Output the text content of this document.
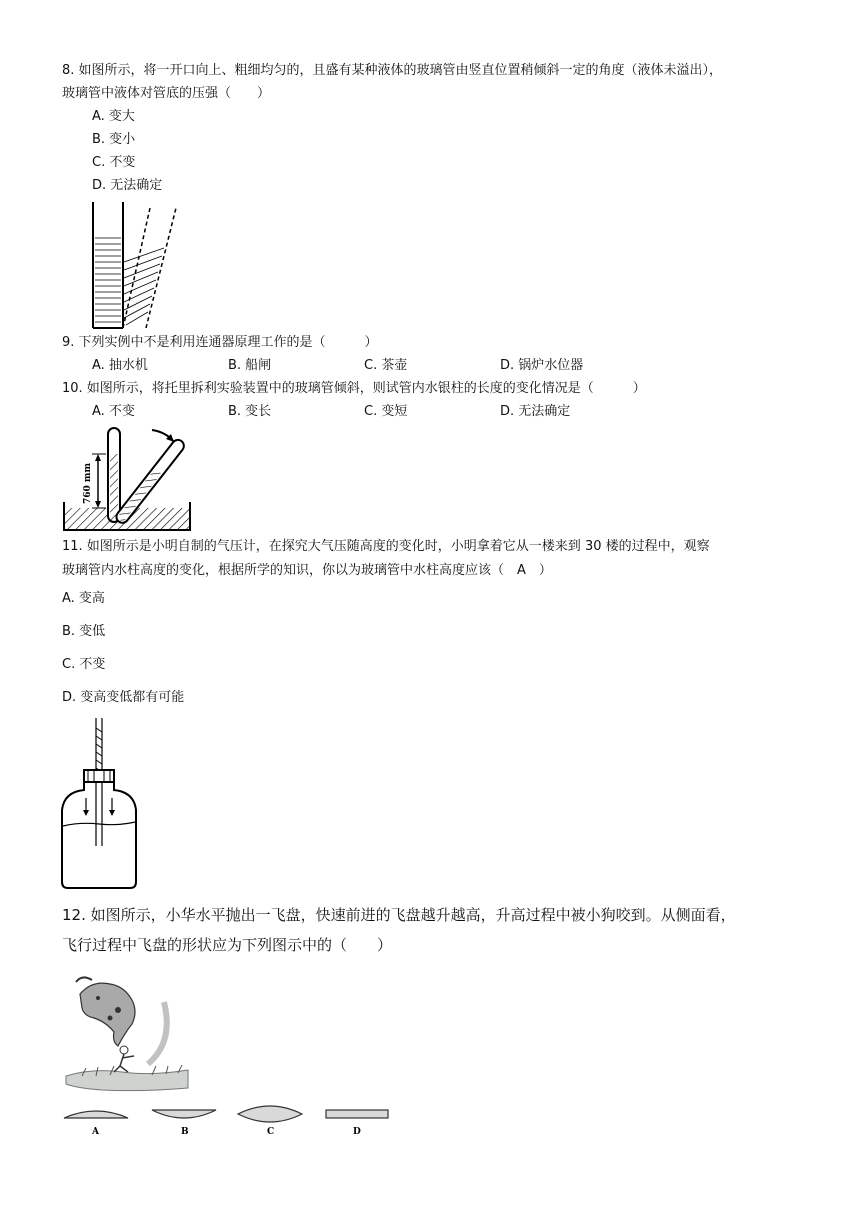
8. 如图所示，将一开口向上、粗细均匀的，且盛有某种液体的玻璃管由竖直位置稍倾斜一定的角度（液体未溢出），
玻璃管中液体对管底的压强（　　）
A. 变大
B. 变小
C. 不变
D. 无法确定
9. 下列实例中不是利用连通器原理工作的是（　　　）
A. 抽水机	B. 船闸	C. 茶壶	D. 锅炉水位器
10. 如图所示，将托里拆利实验装置中的玻璃管倾斜，则试管内水银柱的长度的变化情况是（　　　）
A. 不变	B. 变长	C. 变短	D. 无法确定
760 mm
11. 如图所示是小明自制的气压计，在探究大气压随高度的变化时，小明拿着它从一楼来到 30 楼的过程中，观察
玻璃管内水柱高度的变化，根据所学的知识，你以为玻璃管中水柱高度应该（　A　）
A. 变高
B. 变低
C. 不变
D. 变高变低都有可能
12. 如图所示，小华水平抛出一飞盘，快速前进的飞盘越升越高，升高过程中被小狗咬到。从侧面看，
飞行过程中飞盘的形状应为下列图示中的（　　）
A	B	C	D
